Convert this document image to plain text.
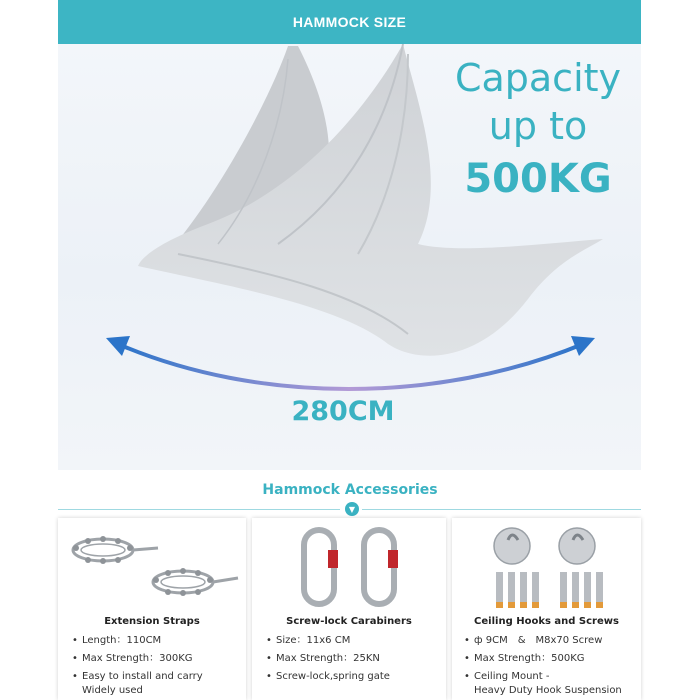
HAMMOCK SIZE
Capacity
up to
500KG
280CM
Hammock Accessories
▼
Extension Straps
• Length：110CM
• Max Strength：300KG
• Easy to install and carry
Widely used
Screw-lock Carabiners
• Size：11x6 CM
• Max Strength：25KN
• Screw-lock,spring gate
Ceiling Hooks and Screws
• ф 9CM　&　M8x70 Screw
• Max Strength：500KG
• Ceiling Mount -
Heavy Duty Hook Suspension
